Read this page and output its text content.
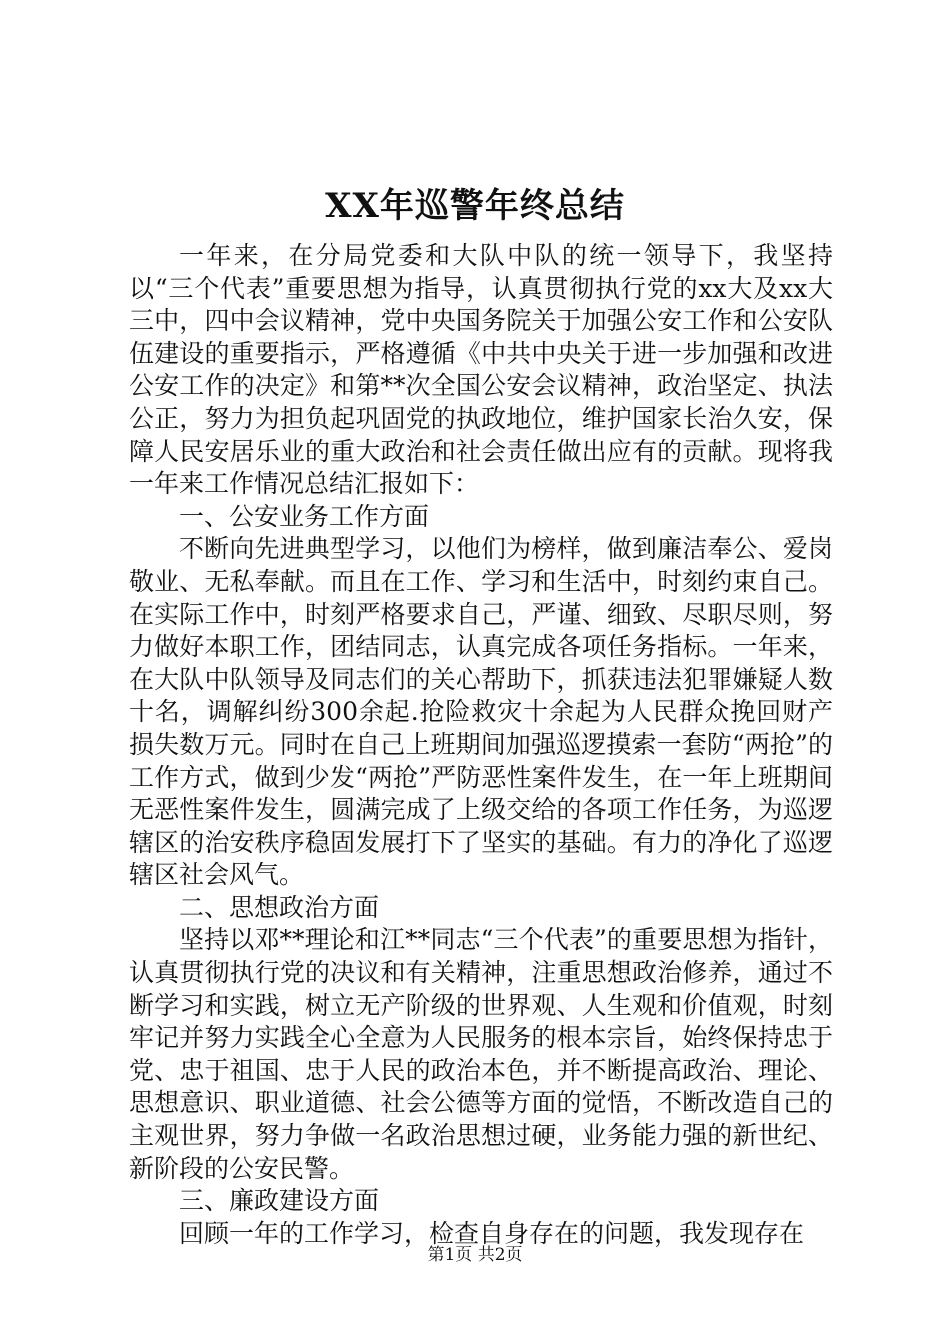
XX年巡警年终总结

一年来，在分局党委和大队中队的统一领导下，我坚持以“三个代表”重要思想为指导，认真贯彻执行党的xx大及xx大三中，四中会议精神，党中央国务院关于加强公安工作和公安队伍建设的重要指示，严格遵循《中共中央关于进一步加强和改进公安工作的决定》和第**次全国公安会议精神，政治坚定、执法公正，努力为担负起巩固党的执政地位，维护国家长治久安，保障人民安居乐业的重大政治和社会责任做出应有的贡献。现将我一年来工作情况总结汇报如下：

一、公安业务工作方面

不断向先进典型学习，以他们为榜样，做到廉洁奉公、爱岗敬业、无私奉献。而且在工作、学习和生活中，时刻约束自己。在实际工作中，时刻严格要求自己，严谨、细致、尽职尽则，努力做好本职工作，团结同志，认真完成各项任务指标。一年来，在大队中队领导及同志们的关心帮助下，抓获违法犯罪嫌疑人数十名，调解纠纷300余起.抢险救灾十余起为人民群众挽回财产损失数万元。同时在自己上班期间加强巡逻摸索一套防“两抢”的工作方式，做到少发“两抢”严防恶性案件发生，在一年上班期间无恶性案件发生，圆满完成了上级交给的各项工作任务，为巡逻辖区的治安秩序稳固发展打下了坚实的基础。有力的净化了巡逻辖区社会风气。

二、思想政治方面

坚持以邓**理论和江**同志“三个代表”的重要思想为指针，认真贯彻执行党的决议和有关精神，注重思想政治修养，通过不断学习和实践，树立无产阶级的世界观、人生观和价值观，时刻牢记并努力实践全心全意为人民服务的根本宗旨，始终保持忠于党、忠于祖国、忠于人民的政治本色，并不断提高政治、理论、思想意识、职业道德、社会公德等方面的觉悟，不断改造自己的主观世界，努力争做一名政治思想过硬，业务能力强的新世纪、新阶段的公安民警。

三、廉政建设方面

回顾一年的工作学习，检查自身存在的问题，我发现存在

第1页 共2页
